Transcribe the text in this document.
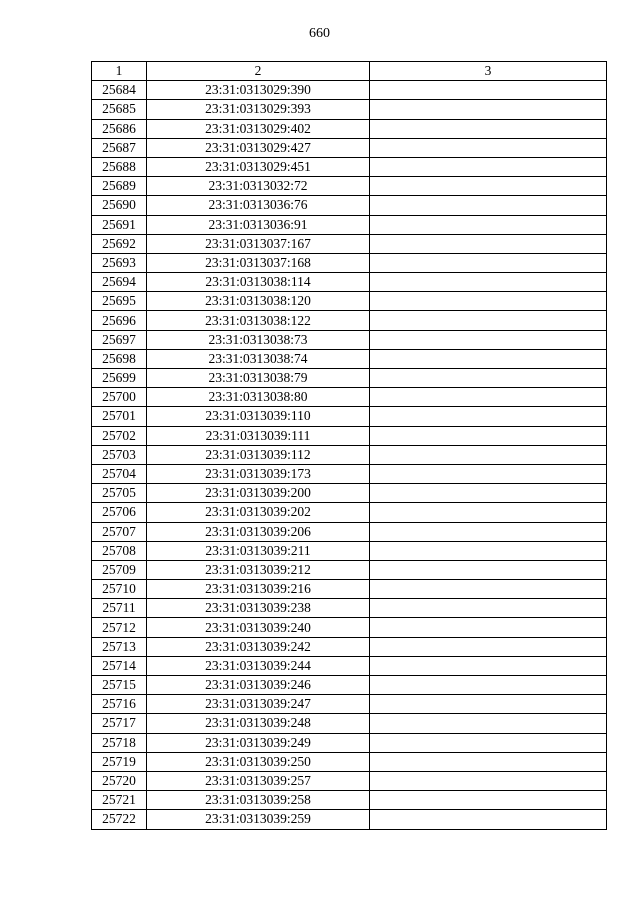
660
1	2	3
25684	23:31:0313029:390	
25685	23:31:0313029:393	
25686	23:31:0313029:402	
25687	23:31:0313029:427	
25688	23:31:0313029:451	
25689	23:31:0313032:72	
25690	23:31:0313036:76	
25691	23:31:0313036:91	
25692	23:31:0313037:167	
25693	23:31:0313037:168	
25694	23:31:0313038:114	
25695	23:31:0313038:120	
25696	23:31:0313038:122	
25697	23:31:0313038:73	
25698	23:31:0313038:74	
25699	23:31:0313038:79	
25700	23:31:0313038:80	
25701	23:31:0313039:110	
25702	23:31:0313039:111	
25703	23:31:0313039:112	
25704	23:31:0313039:173	
25705	23:31:0313039:200	
25706	23:31:0313039:202	
25707	23:31:0313039:206	
25708	23:31:0313039:211	
25709	23:31:0313039:212	
25710	23:31:0313039:216	
25711	23:31:0313039:238	
25712	23:31:0313039:240	
25713	23:31:0313039:242	
25714	23:31:0313039:244	
25715	23:31:0313039:246	
25716	23:31:0313039:247	
25717	23:31:0313039:248	
25718	23:31:0313039:249	
25719	23:31:0313039:250	
25720	23:31:0313039:257	
25721	23:31:0313039:258	
25722	23:31:0313039:259	
